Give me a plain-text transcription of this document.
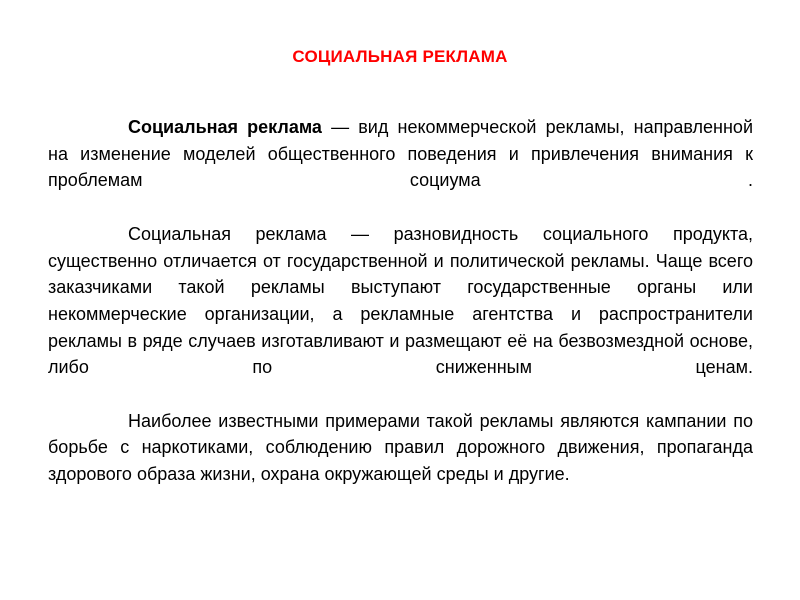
СОЦИАЛЬНАЯ РЕКЛАМА

Социальная реклама — вид некоммерческой рекламы, направленной на изменение моделей общественного поведения и привлечения внимания к проблемам социума .

Социальная реклама — разновидность социального продукта, существенно отличается от государственной и политической рекламы. Чаще всего заказчиками такой рекламы выступают государственные органы или некоммерческие организации, а рекламные агентства и распространители рекламы в ряде случаев изготавливают и размещают её на безвозмездной основе, либо по сниженным ценам.

Наиболее известными примерами такой рекламы являются кампании по борьбе с наркотиками, соблюдению правил дорожного движения, пропаганда здорового образа жизни, охрана окружающей среды и другие.
